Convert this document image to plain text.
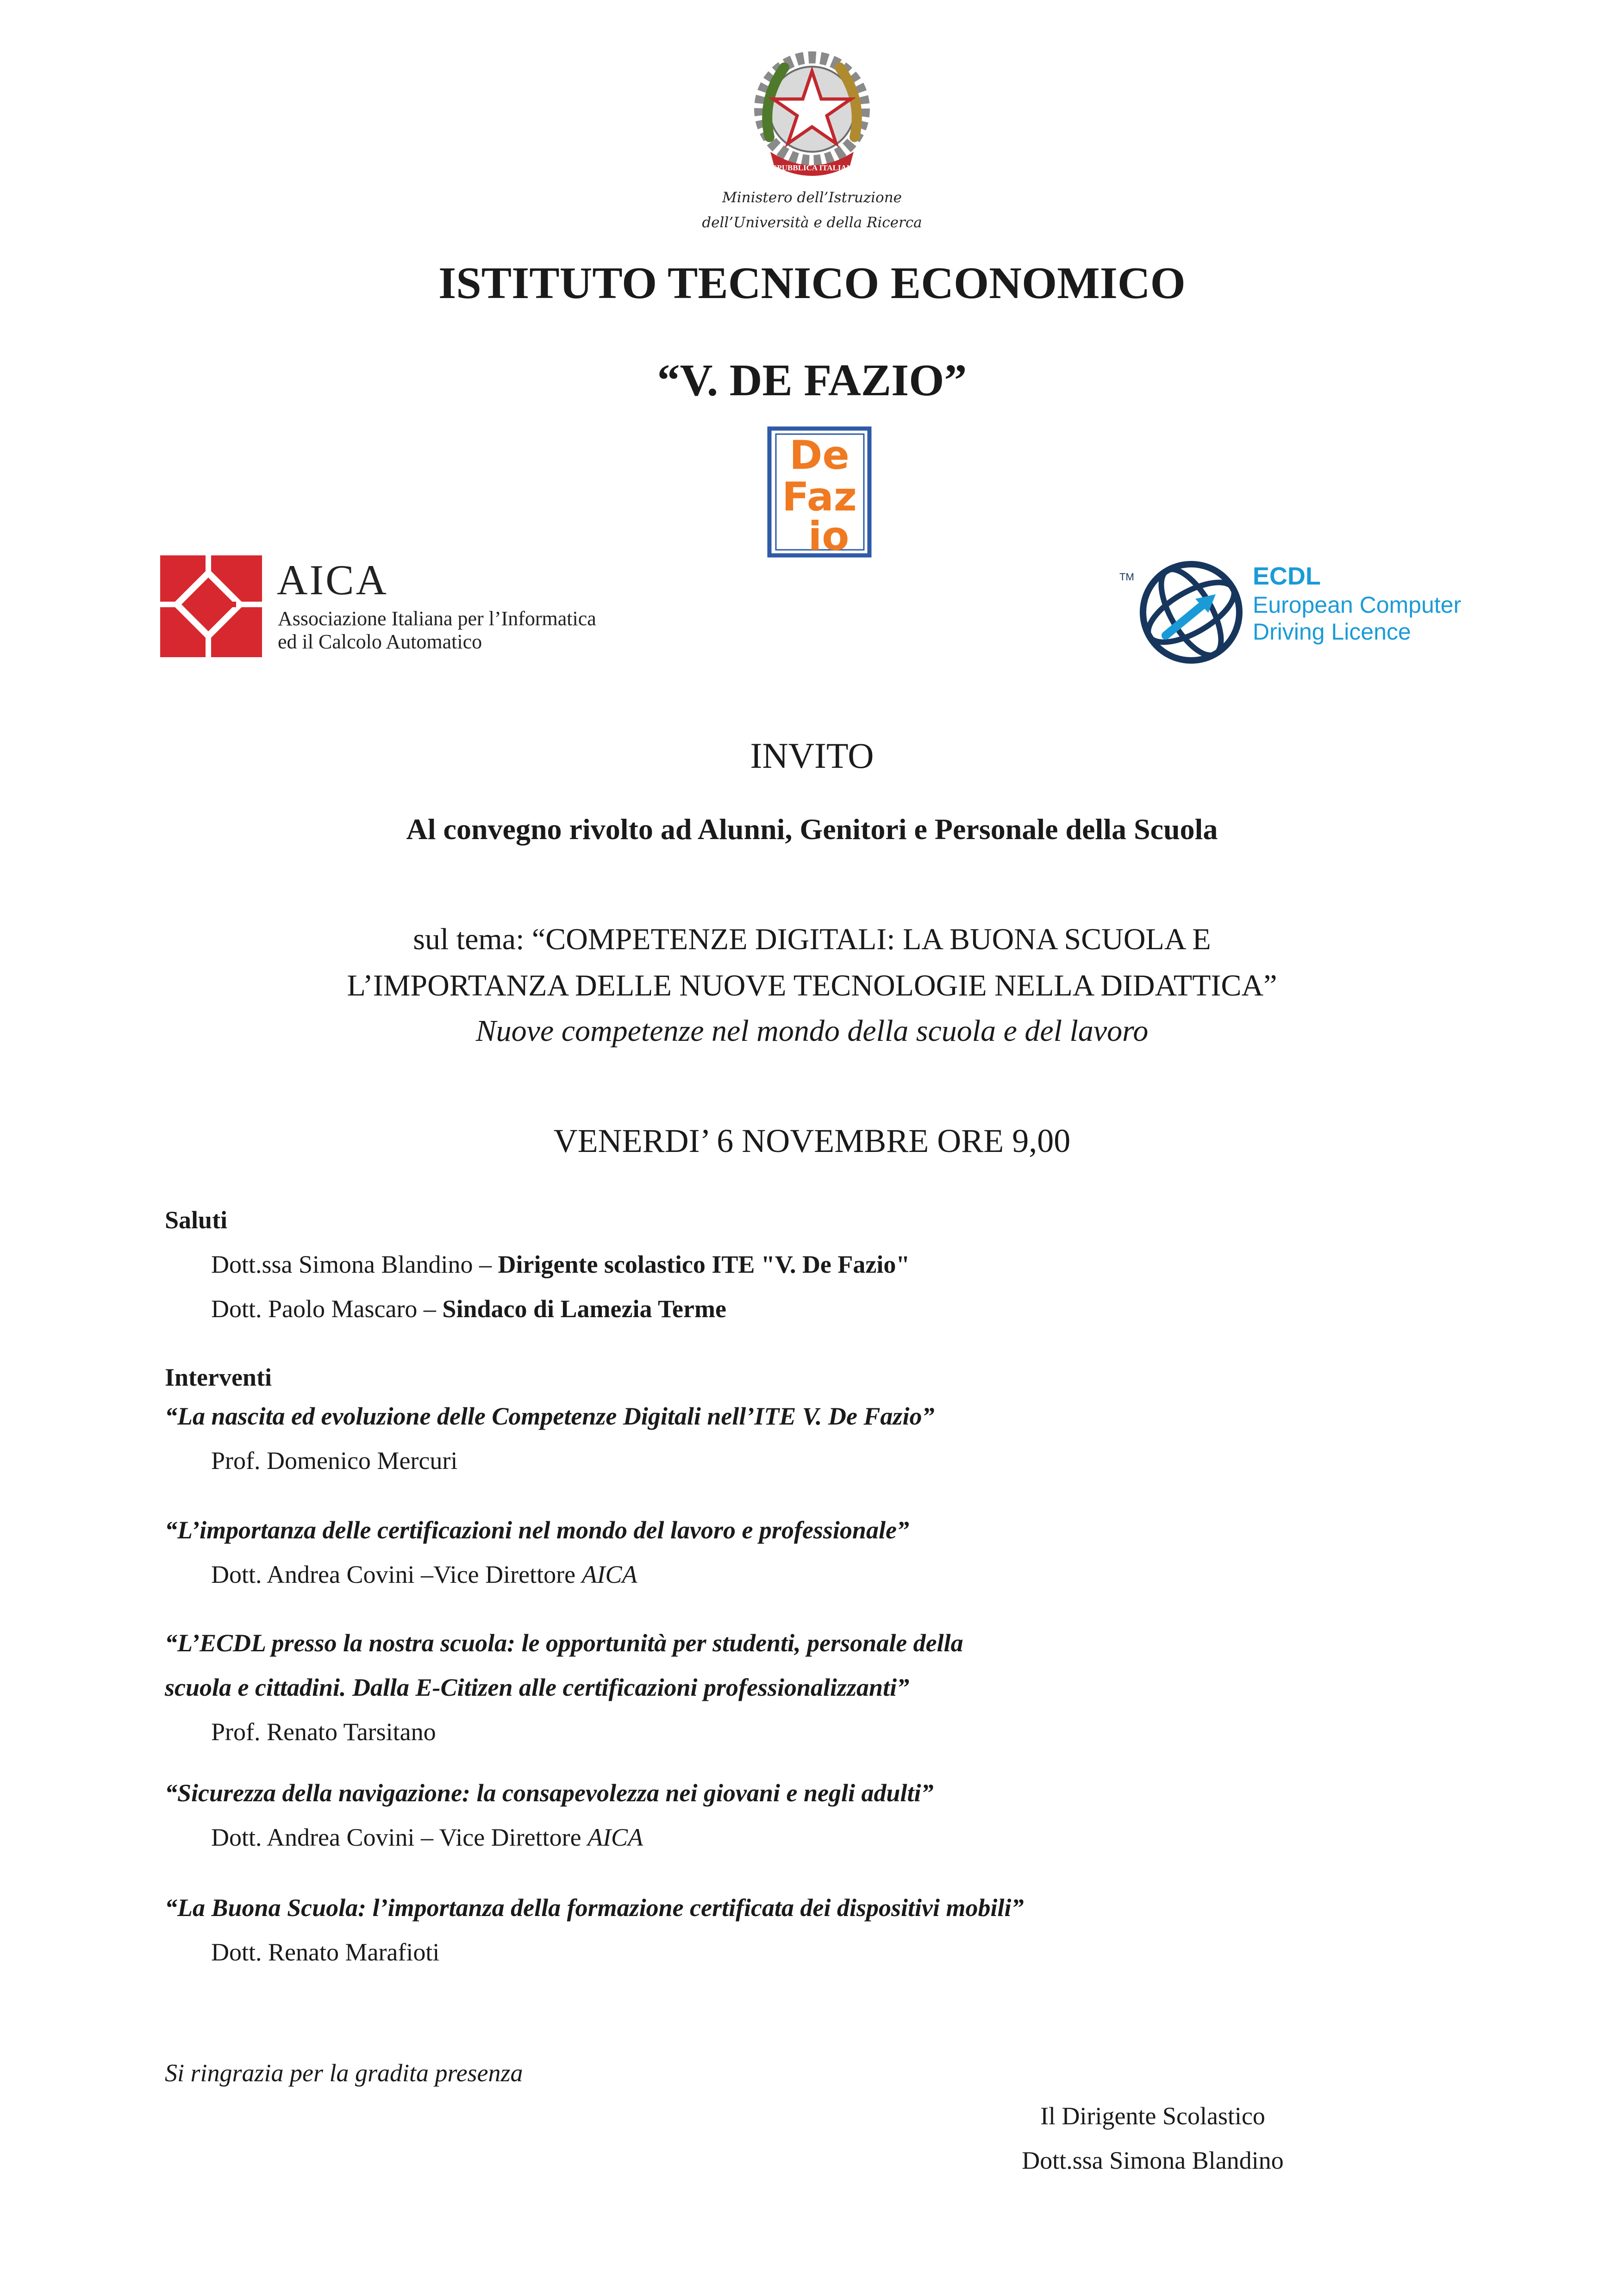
REPUBBLICA ITALIANA
Ministero dell’Istruzione
dell’Università e della Ricerca
ISTITUTO TECNICO ECONOMICO
“V. DE FAZIO”
De
Faz
io
AICA
Associazione Italiana per l’Informatica
ed il Calcolo Automatico
TM	ECDL
European Computer
Driving Licence
INVITO
Al convegno rivolto ad Alunni, Genitori e Personale della Scuola
sul tema: “COMPETENZE DIGITALI: LA BUONA SCUOLA E
L’IMPORTANZA DELLE NUOVE TECNOLOGIE NELLA DIDATTICA”
Nuove competenze nel mondo della scuola e del lavoro
VENERDI’ 6 NOVEMBRE ORE 9,00
Saluti
Dott.ssa Simona Blandino – Dirigente scolastico ITE "V. De Fazio"
Dott. Paolo Mascaro – Sindaco di Lamezia Terme
Interventi
“La nascita ed evoluzione delle Competenze Digitali nell’ITE V. De Fazio”
Prof. Domenico Mercuri
“L’importanza delle certificazioni nel mondo del lavoro e professionale”
Dott. Andrea Covini –Vice Direttore AICA
“L’ECDL presso la nostra scuola: le opportunità per studenti, personale della
scuola e cittadini. Dalla E-Citizen alle certificazioni professionalizzanti”
Prof. Renato Tarsitano
“Sicurezza della navigazione: la consapevolezza nei giovani e negli adulti”
Dott. Andrea Covini – Vice Direttore AICA
“La Buona Scuola: l’importanza della formazione certificata dei dispositivi mobili”
Dott. Renato Marafioti
Si ringrazia per la gradita presenza
Il Dirigente Scolastico
Dott.ssa Simona Blandino
